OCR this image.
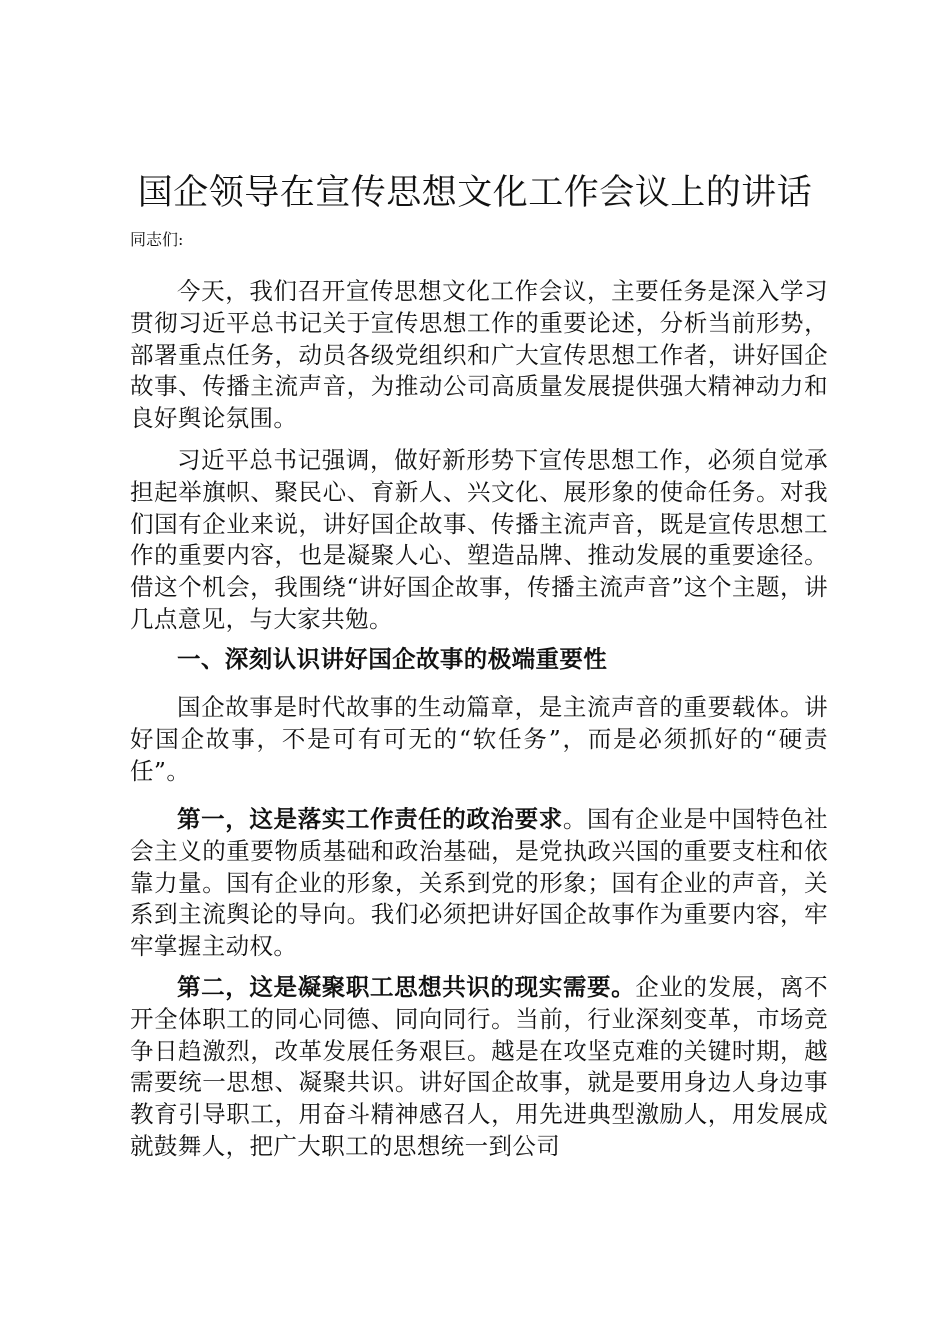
国企领导在宣传思想文化工作会议上的讲话

同志们:

今天，我们召开宣传思想文化工作会议，主要任务是深入学习贯彻习近平总书记关于宣传思想工作的重要论述，分析当前形势，部署重点任务，动员各级党组织和广大宣传思想工作者，讲好国企故事、传播主流声音，为推动公司高质量发展提供强大精神动力和良好舆论氛围。

习近平总书记强调，做好新形势下宣传思想工作，必须自觉承担起举旗帜、聚民心、育新人、兴文化、展形象的使命任务。对我们国有企业来说，讲好国企故事、传播主流声音，既是宣传思想工作的重要内容，也是凝聚人心、塑造品牌、推动发展的重要途径。借这个机会，我围绕“讲好国企故事，传播主流声音”这个主题，讲几点意见，与大家共勉。

一、深刻认识讲好国企故事的极端重要性

国企故事是时代故事的生动篇章，是主流声音的重要载体。讲好国企故事，不是可有可无的“软任务”，而是必须抓好的“硬责任”。

第一，这是落实工作责任的政治要求。国有企业是中国特色社会主义的重要物质基础和政治基础，是党执政兴国的重要支柱和依靠力量。国有企业的形象，关系到党的形象；国有企业的声音，关系到主流舆论的导向。我们必须把讲好国企故事作为重要内容，牢牢掌握主动权。

第二，这是凝聚职工思想共识的现实需要。企业的发展，离不开全体职工的同心同德、同向同行。当前，行业深刻变革，市场竞争日趋激烈，改革发展任务艰巨。越是在攻坚克难的关键时期，越需要统一思想、凝聚共识。讲好国企故事，就是要用身边人身边事教育引导职工，用奋斗精神感召人，用先进典型激励人，用发展成就鼓舞人，把广大职工的思想统一到公司
